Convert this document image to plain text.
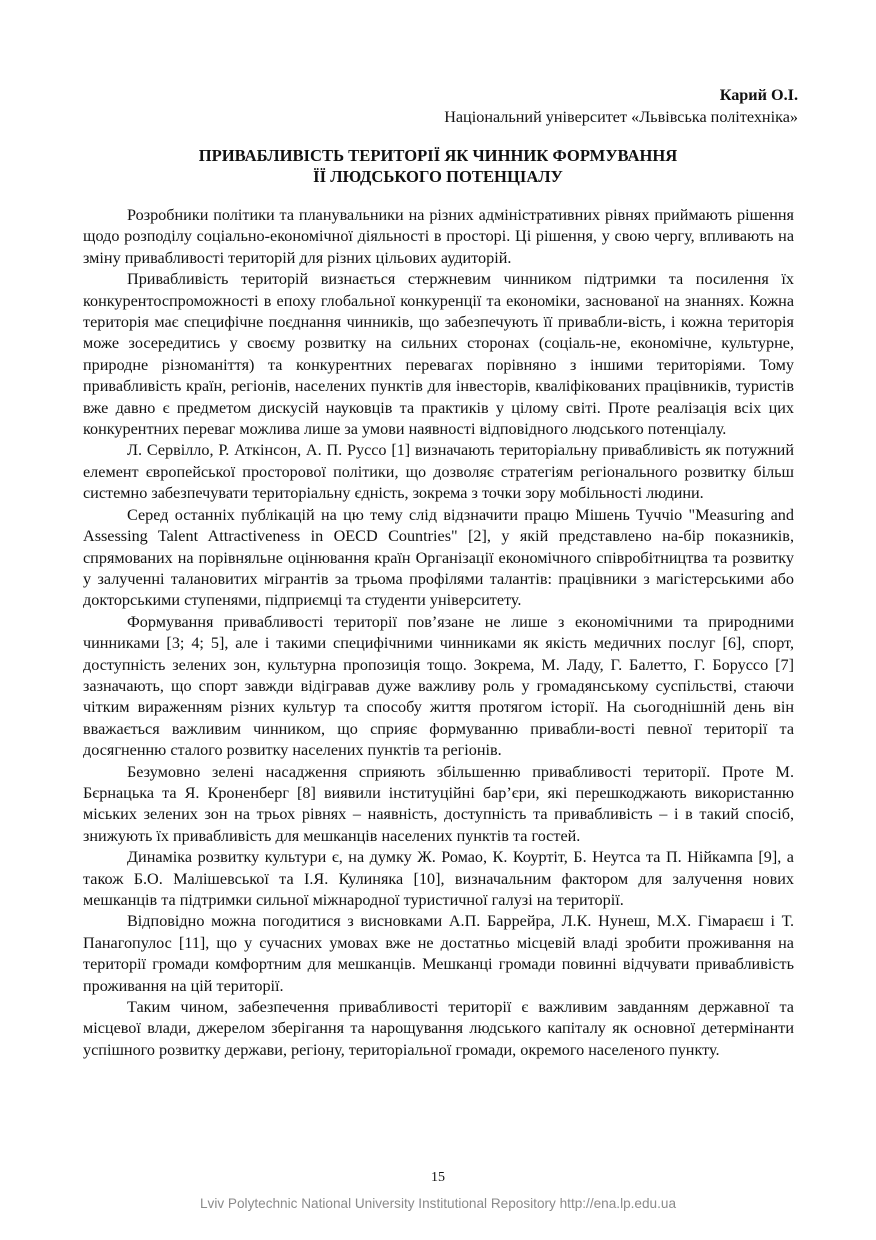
Карий О.І.
Національний університет «Львівська політехніка»
ПРИВАБЛИВІСТЬ ТЕРИТОРІЇ ЯК ЧИННИК ФОРМУВАННЯ
ЇЇ ЛЮДСЬКОГО ПОТЕНЦІАЛУ

Розробники політики та планувальники на різних адміністративних рівнях приймають рішення щодо розподілу соціально-економічної діяльності в просторі. Ці рішення, у свою чергу, впливають на зміну привабливості територій для різних цільових аудиторій.

Привабливість територій визнається стержневим чинником підтримки та посилення їх конкурентоспроможності в епоху глобальної конкуренції та економіки, заснованої на знаннях. Кожна територія має специфічне поєднання чинників, що забезпечують її привабли-вість, і кожна територія може зосередитись у своєму розвитку на сильних сторонах (соціаль-не, економічне, культурне, природне різноманіття) та конкурентних перевагах порівняно з іншими територіями. Тому привабливість країн, регіонів, населених пунктів для інвесторів, кваліфікованих працівників, туристів вже давно є предметом дискусій науковців та практиків у цілому світі. Проте реалізація всіх цих конкурентних переваг можлива лише за умови наявності відповідного людського потенціалу.

Л. Сервілло, Р. Аткінсон, А. П. Руссо [1] визначають територіальну привабливість як потужний елемент європейської просторової політики, що дозволяє стратегіям регіонального розвитку більш системно забезпечувати територіальну єдність, зокрема з точки зору мобільності людини.

Серед останніх публікацій на цю тему слід відзначити працю Мішень Туччіо "Measuring and Assessing Talent Attractiveness in OECD Countries" [2], у якій представлено на-бір показників, спрямованих на порівняльне оцінювання країн Організації економічного співробітництва та розвитку у залученні талановитих мігрантів за трьома профілями талантів: працівники з магістерськими або докторськими ступенями, підприємці та студенти університету.

Формування привабливості території пов’язане не лише з економічними та природними чинниками [3; 4; 5], але і такими специфічними чинниками як якість медичних послуг [6], спорт, доступність зелених зон, культурна пропозиція тощо. Зокрема, М. Ладу, Г. Балетто, Г. Боруссо [7] зазначають, що спорт завжди відігравав дуже важливу роль у громадянському суспільстві, стаючи чітким вираженням різних культур та способу життя протягом історії. На сьогоднішній день він вважається важливим чинником, що сприяє формуванню привабли-вості певної території та досягненню сталого розвитку населених пунктів та регіонів.

Безумовно зелені насадження сприяють збільшенню привабливості території. Проте М. Бєрнацька та Я. Кроненберг [8] виявили інституційні бар’єри, які перешкоджають використанню міських зелених зон на трьох рівнях – наявність, доступність та привабливість – і в такий спосіб, знижують їх привабливість для мешканців населених пунктів та гостей.

Динаміка розвитку культури є, на думку Ж. Ромао, К. Коуртіт, Б. Неутса та П. Нійкампа [9], а також Б.О. Малішевської та І.Я. Кулиняка [10], визначальним фактором для залучення нових мешканців та підтримки сильної міжнародної туристичної галузі на території.

Відповідно можна погодитися з висновками А.П. Баррейра, Л.К. Нунеш, М.Х. Гімараєш і Т. Панагопулос [11], що у сучасних умовах вже не достатньо місцевій владі зробити проживання на території громади комфортним для мешканців. Мешканці громади повинні відчувати привабливість проживання на цій території.

Таким чином, забезпечення привабливості території є важливим завданням державної та місцевої влади, джерелом зберігання та нарощування людського капіталу як основної детермінанти успішного розвитку держави, регіону, територіальної громади, окремого населеного пункту.

15
Lviv Polytechnic National University Institutional Repository http://ena.lp.edu.ua
